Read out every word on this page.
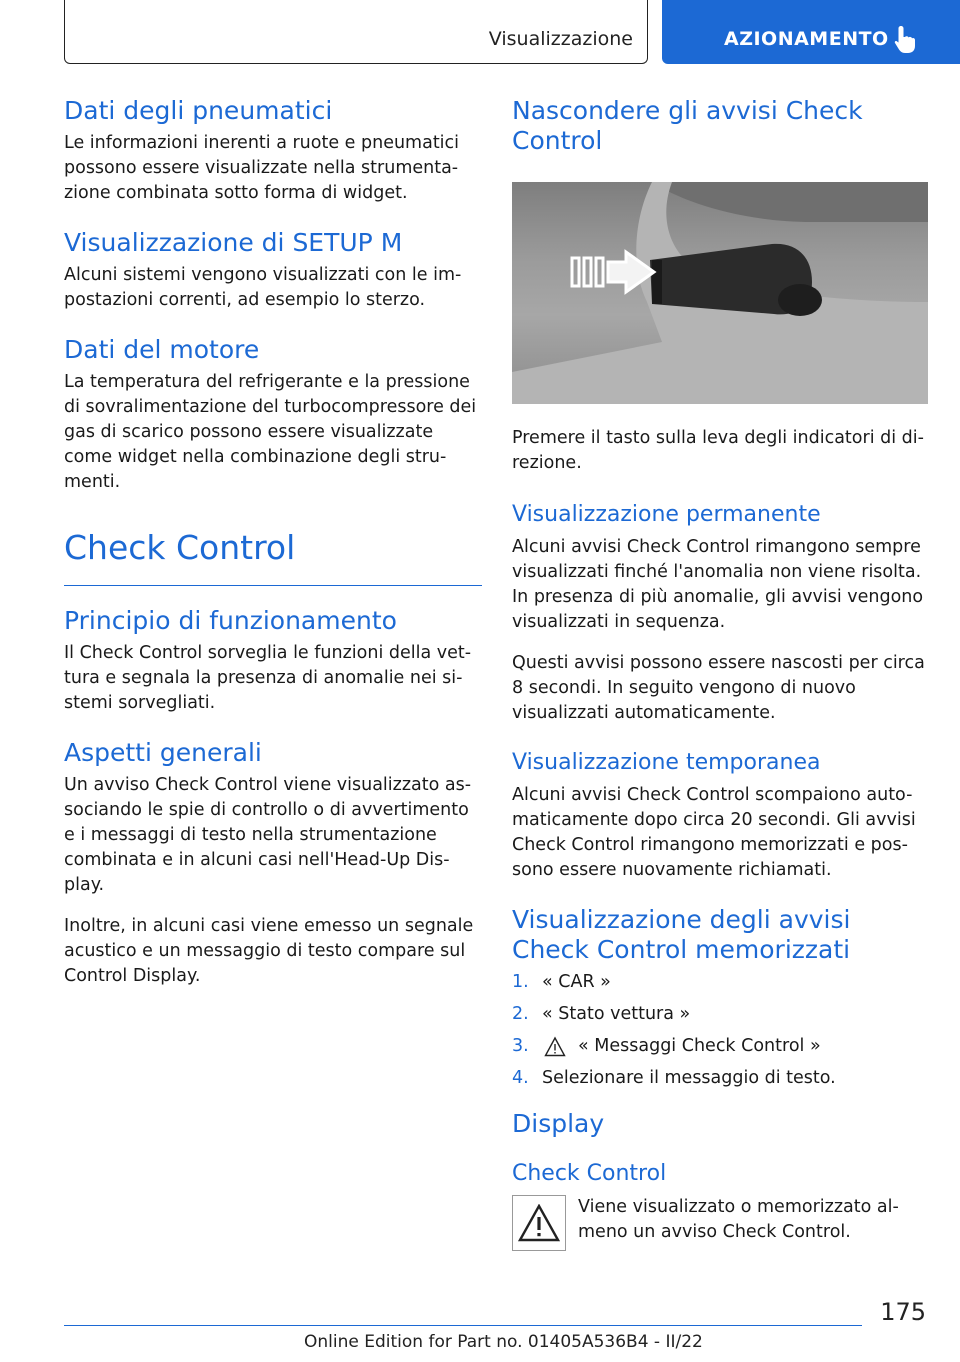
Visualizzazione	AZIONAMENTO
Dati degli pneumatici

Le informazioni inerenti a ruote e pneumatici possono essere visualizzate nella strumenta-zione combinata sotto forma di widget.

Visualizzazione di SETUP M

Alcuni sistemi vengono visualizzati con le im-postazioni correnti, ad esempio lo sterzo.

Dati del motore

La temperatura del refrigerante e la pressione di sovralimentazione del turbocompressore dei gas di scarico possono essere visualizzate come widget nella combinazione degli stru-menti.

Check Control
Principio di funzionamento

Il Check Control sorveglia le funzioni della vet-tura e segnala la presenza di anomalie nei si-stemi sorvegliati.

Aspetti generali

Un avviso Check Control viene visualizzato as-sociando le spie di controllo o di avvertimento e i messaggi di testo nella strumentazione combinata e in alcuni casi nell'Head-Up Dis-play.

Inoltre, in alcuni casi viene emesso un segnale acustico e un messaggio di testo compare sul Control Display.

Nascondere gli avvisi Check Control

Premere il tasto sulla leva degli indicatori di di-rezione.

Visualizzazione permanente

Alcuni avvisi Check Control rimangono sempre visualizzati finché l'anomalia non viene risolta. In presenza di più anomalie, gli avvisi vengono visualizzati in sequenza.

Questi avvisi possono essere nascosti per circa 8 secondi. In seguito vengono di nuovo visualizzati automaticamente.

Visualizzazione temporanea

Alcuni avvisi Check Control scompaiono auto-maticamente dopo circa 20 secondi. Gli avvisi Check Control rimangono memorizzati e pos-sono essere nuovamente richiamati.

Visualizzazione degli avvisi Check Control memorizzati
1. « CAR »
2. « Stato vettura »
3.	« Messaggi Check Control »
4. Selezionare il messaggio di testo.
Display
Check Control

Viene visualizzato o memorizzato al-meno un avviso Check Control.

175
Online Edition for Part no. 01405A536B4 - II/22
